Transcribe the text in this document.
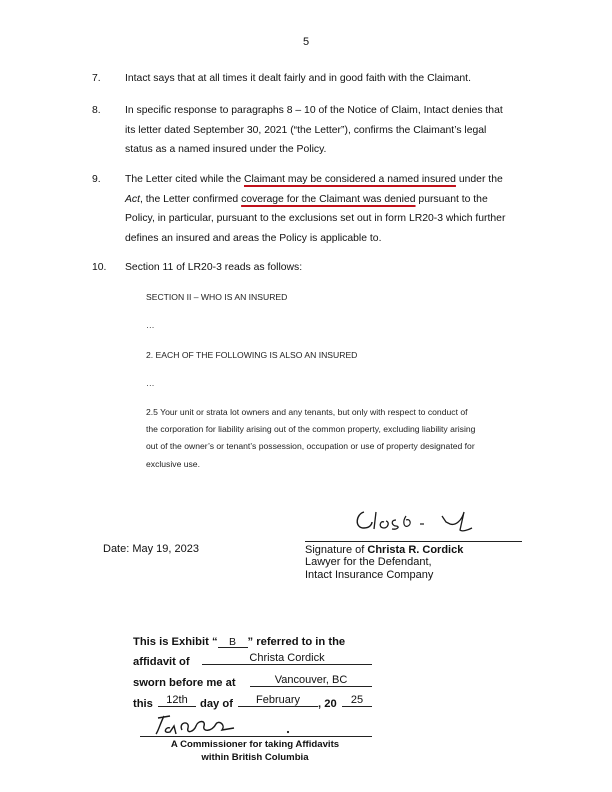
5
7. Intact says that at all times it dealt fairly and in good faith with the Claimant.
8. In specific response to paragraphs 8 – 10 of the Notice of Claim, Intact denies that
its letter dated September 30, 2021 (“the Letter”), confirms the Claimant’s legal
status as a named insured under the Policy.
9. The Letter cited while the Claimant may be considered a named insured under the
Act, the Letter confirmed coverage for the Claimant was denied pursuant to the
Policy, in particular, pursuant to the exclusions set out in form LR20-3 which further
defines an insured and areas the Policy is applicable to.
10. Section 11 of LR20-3 reads as follows:
SECTION II – WHO IS AN INSURED
…
2. EACH OF THE FOLLOWING IS ALSO AN INSURED
…
2.5 Your unit or strata lot owners and any tenants, but only with respect to conduct of
the corporation for liability arising out of the common property, excluding liability arising
out of the owner’s or tenant’s possession, occupation or use of property designated for
exclusive use.
Date: May 19, 2023	Signature of Christa R. Cordick
Lawyer for the Defendant,
Intact Insurance Company
This is Exhibit “ B ” referred to in the
affidavit of	Christa Cordick
sworn before me at	Vancouver, BC
this	12th	day of	February	, 20	25
A Commissioner for taking Affidavits
within British Columbia
